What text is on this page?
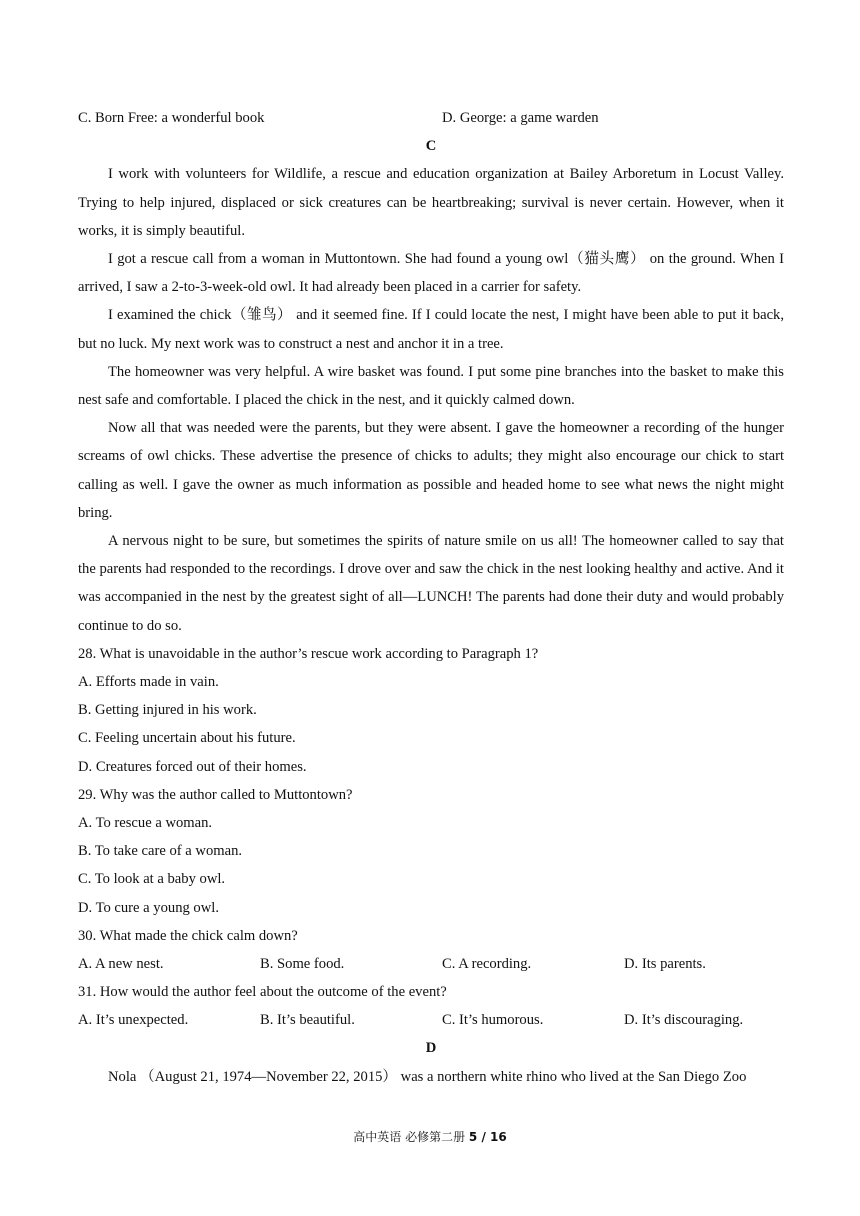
C. Born Free: a wonderful book	D. George: a game warden
C

I work with volunteers for Wildlife, a rescue and education organization at Bailey Arboretum in Locust Valley. Trying to help injured, displaced or sick creatures can be heartbreaking; survival is never certain. However, when it works, it is simply beautiful.

I got a rescue call from a woman in Muttontown. She had found a young owl（猫头鹰） on the ground. When I arrived, I saw a 2-to-3-week-old owl. It had already been placed in a carrier for safety.

I examined the chick（雏鸟） and it seemed fine. If I could locate the nest, I might have been able to put it back, but no luck. My next work was to construct a nest and anchor it in a tree.

The homeowner was very helpful. A wire basket was found. I put some pine branches into the basket to make this nest safe and comfortable. I placed the chick in the nest, and it quickly calmed down.

Now all that was needed were the parents, but they were absent. I gave the homeowner a recording of the hunger screams of owl chicks. These advertise the presence of chicks to adults; they might also encourage our chick to start calling as well. I gave the owner as much information as possible and headed home to see what news the night might bring.

A nervous night to be sure, but sometimes the spirits of nature smile on us all! The homeowner called to say that the parents had responded to the recordings. I drove over and saw the chick in the nest looking healthy and active. And it was accompanied in the nest by the greatest sight of all—LUNCH! The parents had done their duty and would probably continue to do so.

28. What is unavoidable in the author’s rescue work according to Paragraph 1?
A. Efforts made in vain.
B. Getting injured in his work.
C. Feeling uncertain about his future.
D. Creatures forced out of their homes.
29. Why was the author called to Muttontown?
A. To rescue a woman.
B. To take care of a woman.
C. To look at a baby owl.
D. To cure a young owl.
30. What made the chick calm down?
A. A new nest.	B. Some food.	C. A recording.	D. Its parents.
31. How would the author feel about the outcome of the event?
A. It’s unexpected.	B. It’s beautiful.	C. It’s humorous.	D. It’s discouraging.
D

Nola （August 21, 1974—November 22, 2015） was a northern white rhino who lived at the San Diego Zoo

高中英语 必修第二册 5 / 16
